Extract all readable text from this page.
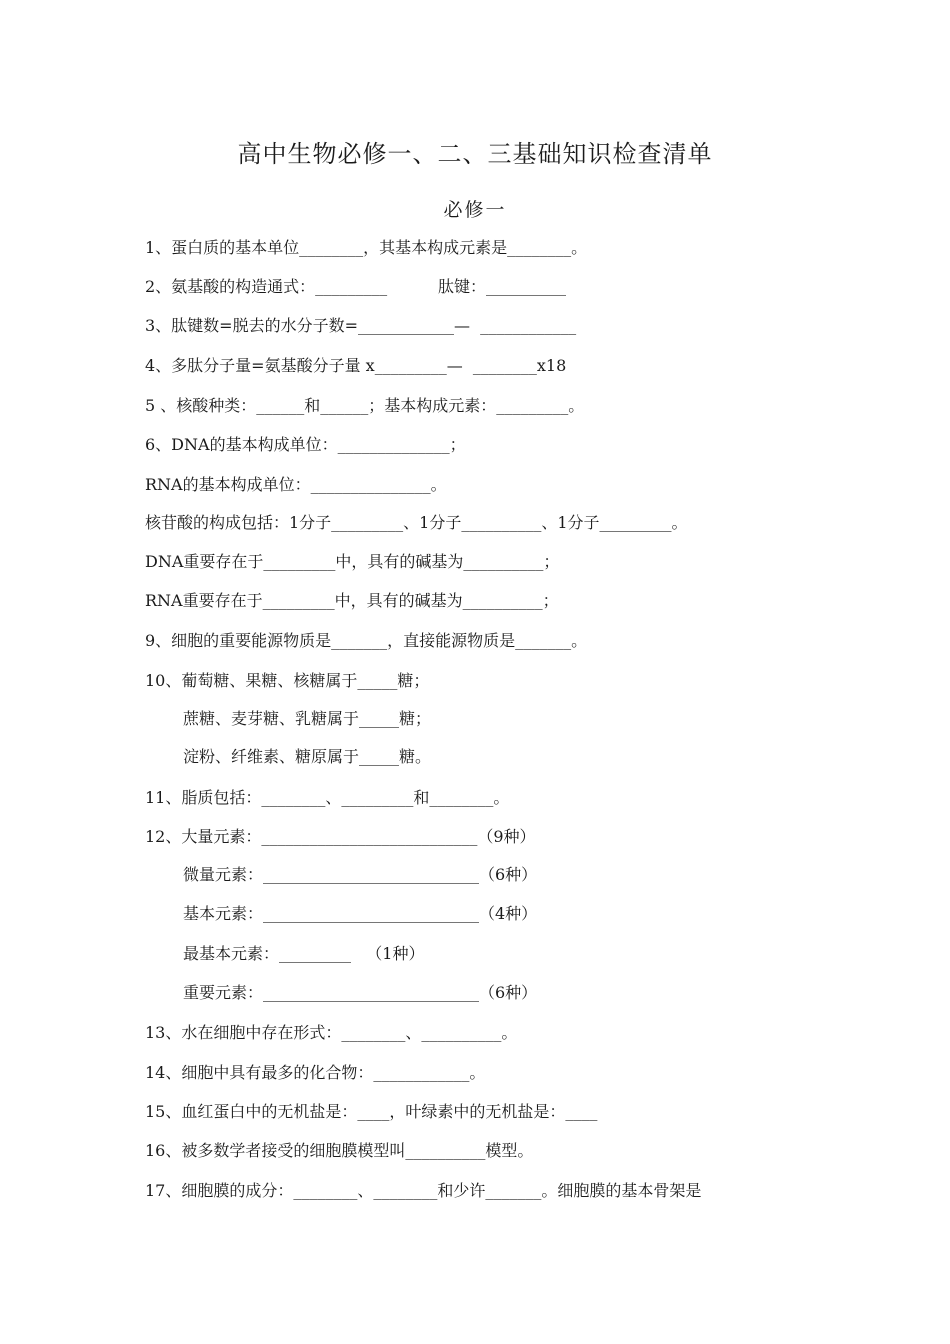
高中生物必修一、二、三基础知识检查清单
必修一
1、蛋白质的基本单位________，其基本构成元素是________。
2、氨基酸的构造通式：_________          肽键：__________
3、肽键数=脱去的水分子数=____________—  ____________
4、多肽分子量=氨基酸分子量 x_________—  ________x18
5 、核酸种类：______和______；基本构成元素：_________。
6、DNA的基本构成单位：______________；
RNA的基本构成单位：_______________。
核苷酸的构成包括：1分子_________、1分子__________、1分子_________。
DNA重要存在于_________中，具有的碱基为__________；
RNA重要存在于_________中，具有的碱基为__________；
9、细胞的重要能源物质是_______，直接能源物质是_______。
10、葡萄糖、果糖、核糖属于_____糖；
蔗糖、麦芽糖、乳糖属于_____糖；
淀粉、纤维素、糖原属于_____糖。
11、脂质包括：________、_________和________。
12、大量元素：___________________________（9种）
微量元素：___________________________（6种）
基本元素：___________________________（4种）
最基本元素：_________   （1种）
重要元素：___________________________（6种）
13、水在细胞中存在形式：________、__________。
14、细胞中具有最多的化合物：____________。
15、血红蛋白中的无机盐是：____，叶绿素中的无机盐是：____
16、被多数学者接受的细胞膜模型叫__________模型。
17、细胞膜的成分：________、________和少许_______。细胞膜的基本骨架是
